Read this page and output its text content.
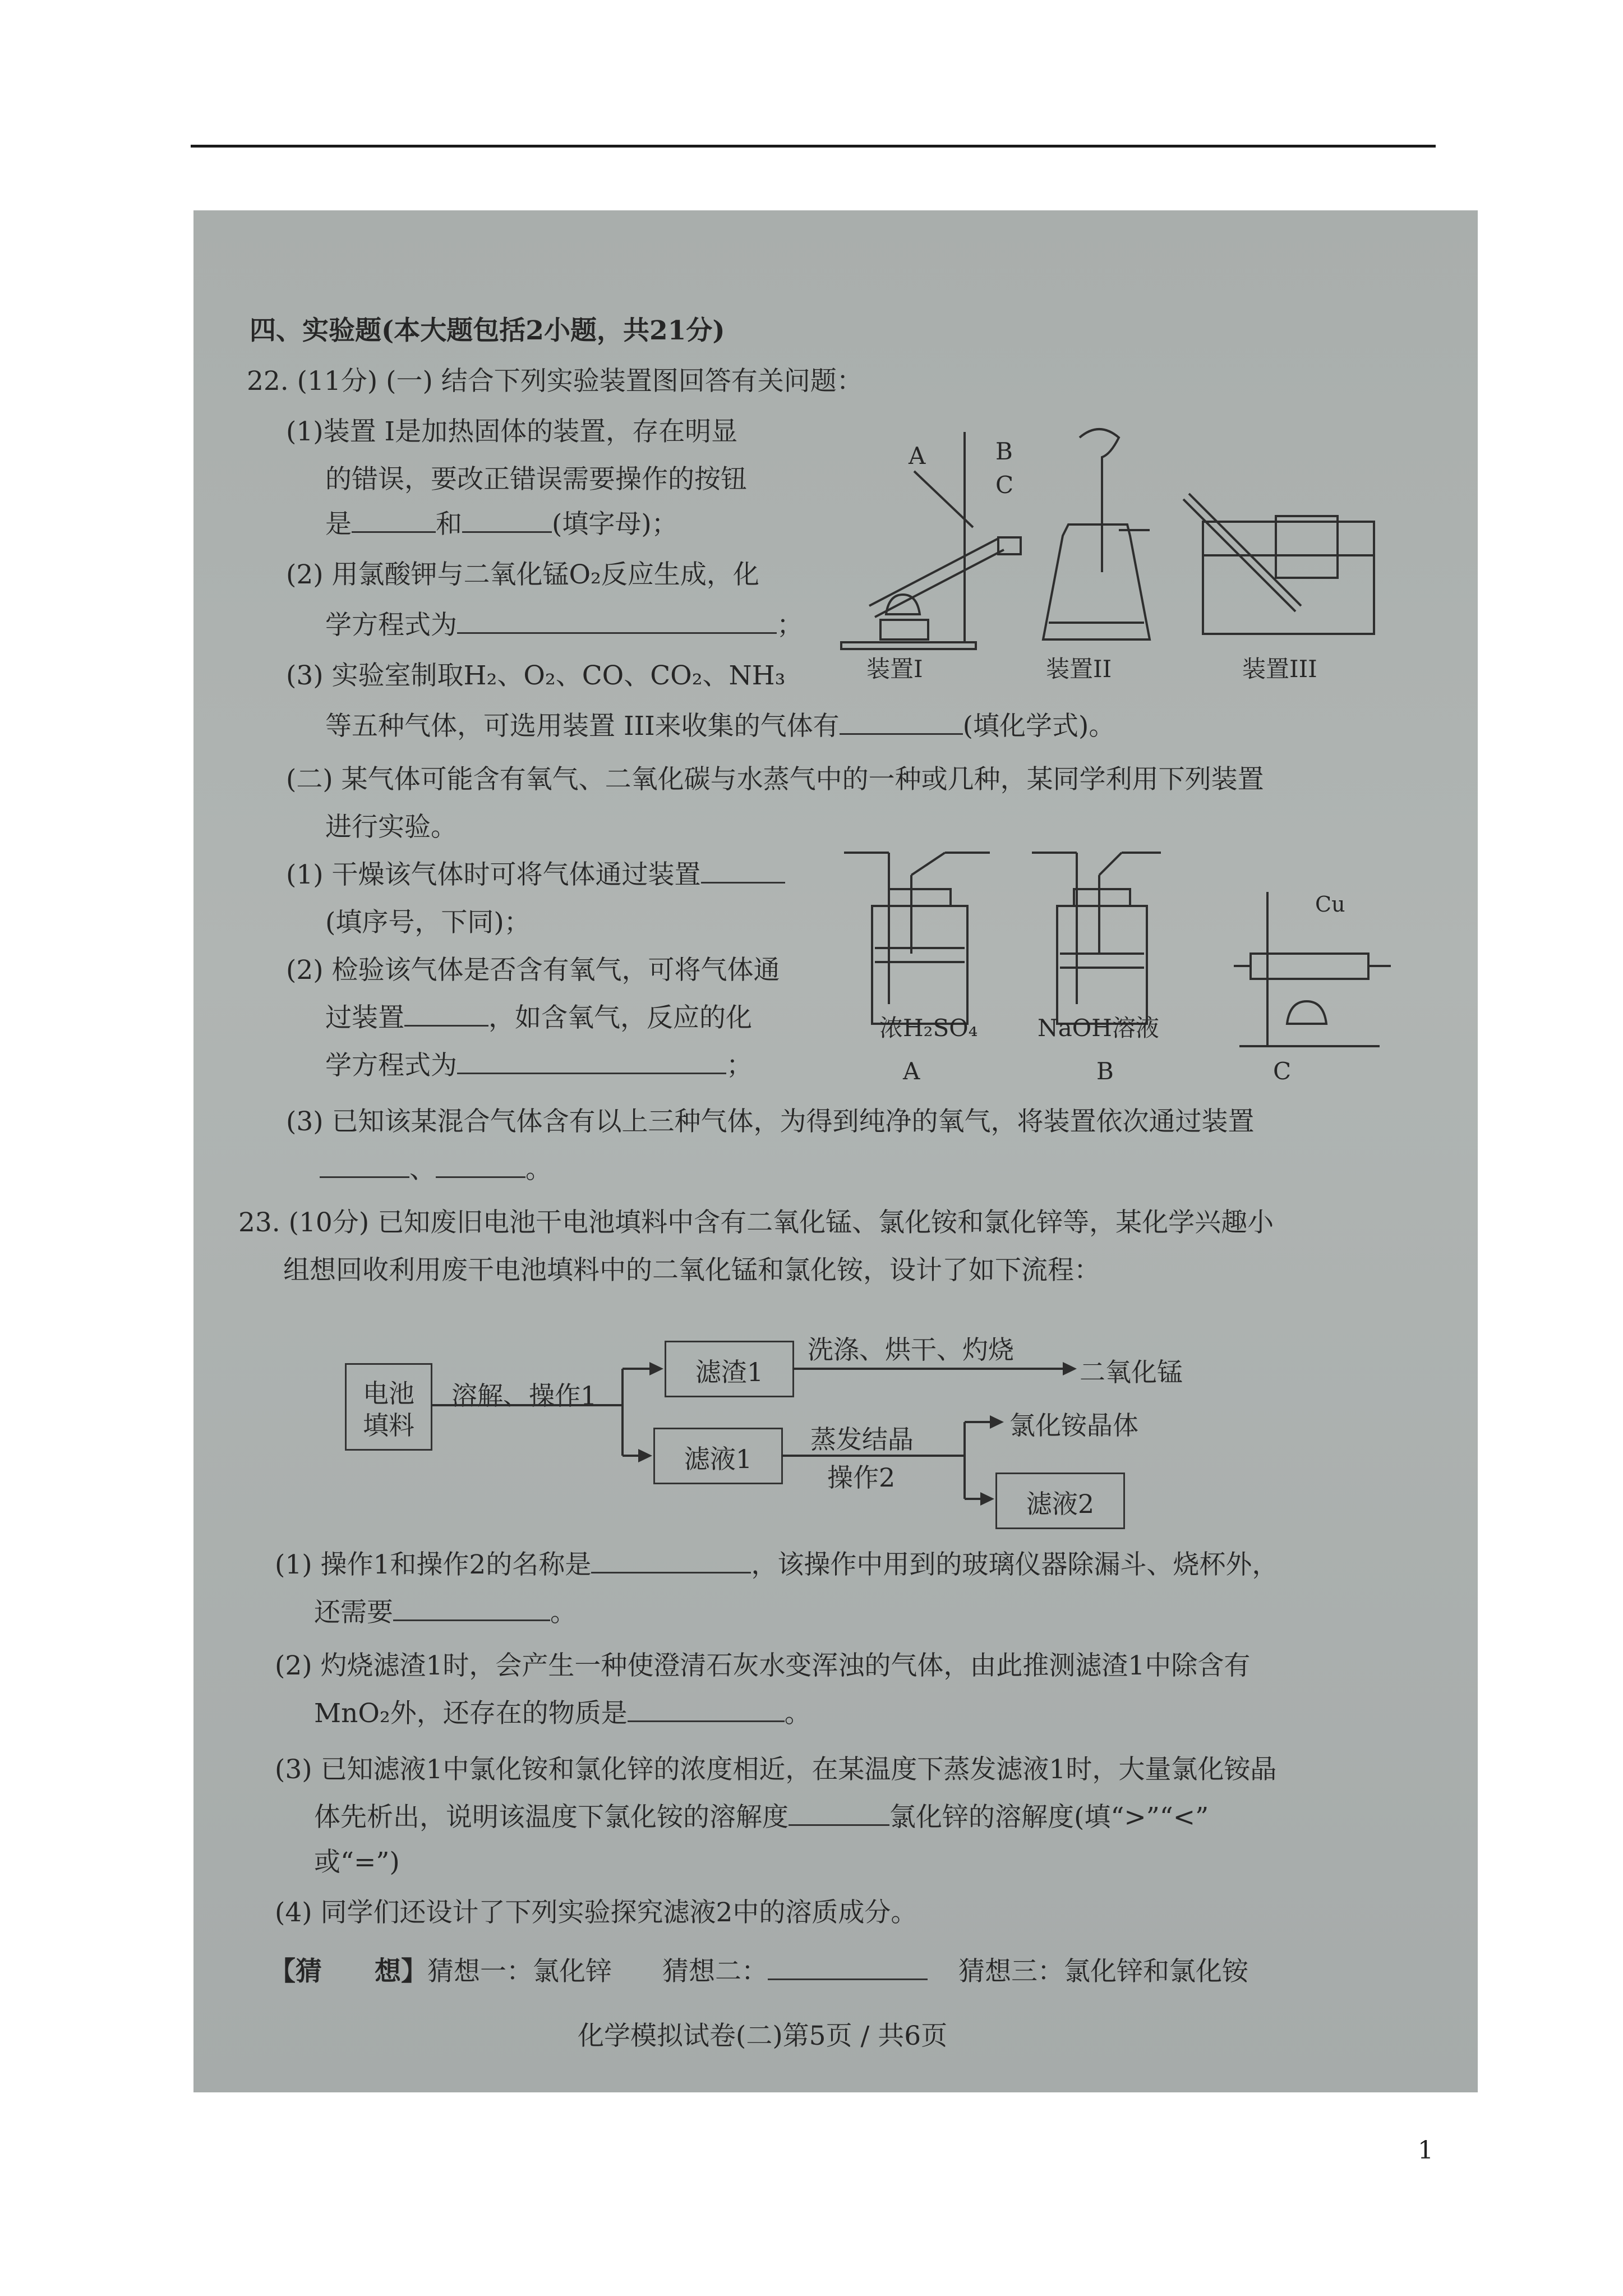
四、实验题(本大题包括2小题，共21分)
22. (11分) (一) 结合下列实验装置图回答有关问题：
(1)装置 I是加热固体的装置，存在明显
的错误，要改正错误需要操作的按钮
是	和	(填字母)；
(2) 用氯酸钾与二氧化锰O₂反应生成，化
学方程式为	；
(3) 实验室制取H₂、O₂、CO、CO₂、NH₃
等五种气体，可选用装置 III来收集的气体有	(填化学式)。
A	B
C
装置I	装置II	装置III
(二) 某气体可能含有氧气、二氧化碳与水蒸气中的一种或几种，某同学利用下列装置
进行实验。
(1) 干燥该气体时可将气体通过装置
(填序号，下同)；
(2) 检验该气体是否含有氧气，可将气体通
过装置	，如含氧气，反应的化
学方程式为	；
Cu
浓H₂SO₄	NaOH溶液
A	B	C
(3) 已知该某混合气体含有以上三种气体，为得到纯净的氧气，将装置依次通过装置
、	。
23. (10分) 已知废旧电池干电池填料中含有二氧化锰、氯化铵和氯化锌等，某化学兴趣小
组想回收利用废干电池填料中的二氧化锰和氯化铵，设计了如下流程：
电池
填料
溶解、操作1
滤渣1
洗涤、烘干、灼烧
二氧化锰
滤液1
蒸发结晶
操作2
氯化铵晶体
滤液2
(1) 操作1和操作2的名称是	，该操作中用到的玻璃仪器除漏斗、烧杯外，
还需要	。
(2) 灼烧滤渣1时，会产生一种使澄清石灰水变浑浊的气体，由此推测滤渣1中除含有
MnO₂外，还存在的物质是	。
(3) 已知滤液1中氯化铵和氯化锌的浓度相近，在某温度下蒸发滤液1时，大量氯化铵晶
体先析出，说明该温度下氯化铵的溶解度	氯化锌的溶解度(填“>”“<”
或“=”)
(4) 同学们还设计了下列实验探究滤液2中的溶质成分。
【猜　　想】猜想一：氯化锌 猜想二：	猜想三：氯化锌和氯化铵
化学模拟试卷(二)第5页 / 共6页
1
